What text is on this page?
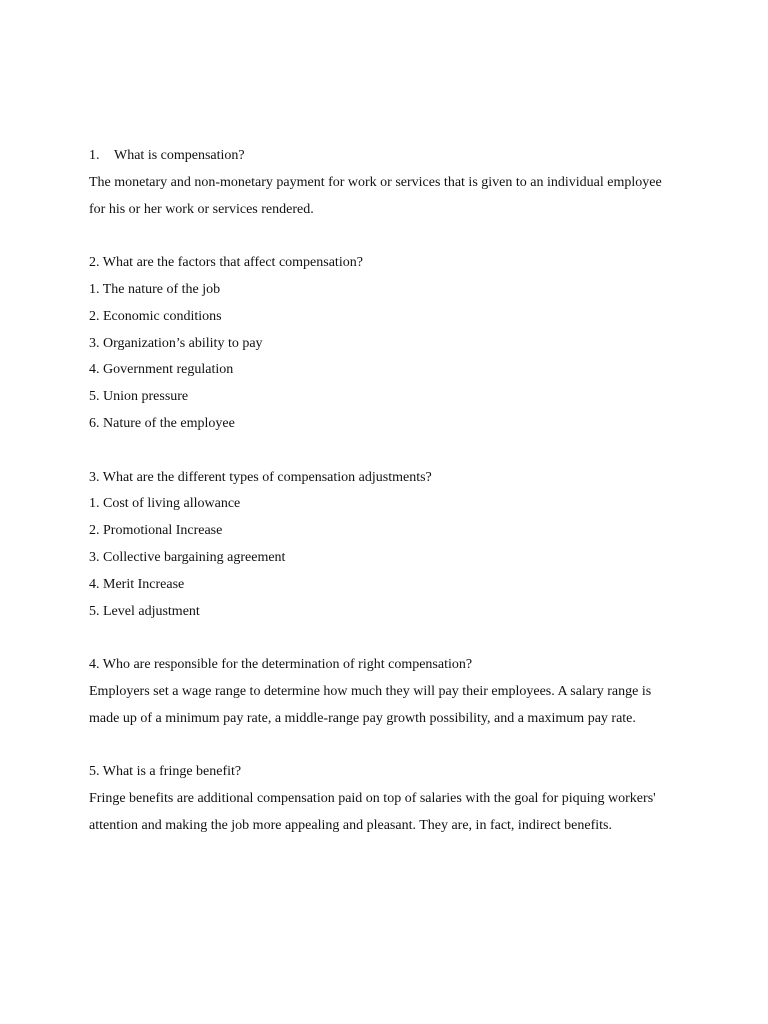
1. What is compensation?
The monetary and non-monetary payment for work or services that is given to an individual employee for his or her work or services rendered.
2. What are the factors that affect compensation?
1. The nature of the job
2. Economic conditions
3. Organization’s ability to pay
4. Government regulation
5. Union pressure
6. Nature of the employee
3. What are the different types of compensation adjustments?
1. Cost of living allowance
2. Promotional Increase
3. Collective bargaining agreement
4. Merit Increase
5. Level adjustment
4. Who are responsible for the determination of right compensation?
Employers set a wage range to determine how much they will pay their employees. A salary range is made up of a minimum pay rate, a middle-range pay growth possibility, and a maximum pay rate.
5. What is a fringe benefit?
Fringe benefits are additional compensation paid on top of salaries with the goal for piquing workers' attention and making the job more appealing and pleasant. They are, in fact, indirect benefits.
